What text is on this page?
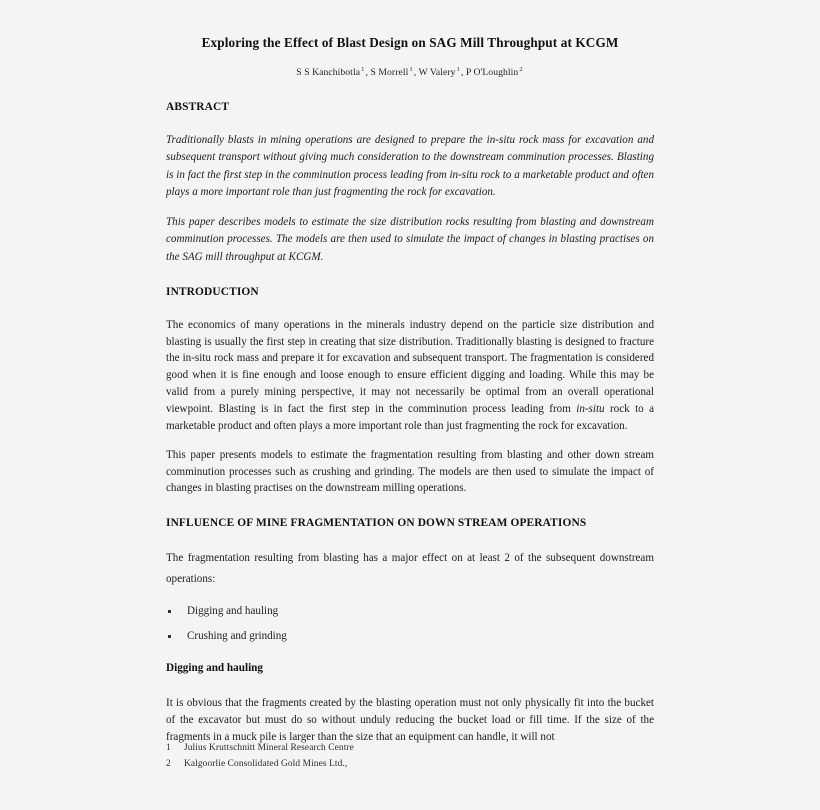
Exploring the Effect of Blast Design on SAG Mill Throughput at KCGM

S S Kanchibotla$^1$, S Morrell$^1$, W Valery$^1$, P O'Loughlin$^2$

ABSTRACT

Traditionally blasts in mining operations are designed to prepare the in-situ rock mass for excavation and subsequent transport without giving much consideration to the downstream comminution processes. Blasting is in fact the first step in the comminution process leading from in-situ rock to a marketable product and often plays a more important role than just fragmenting the rock for excavation.

This paper describes models to estimate the size distribution rocks resulting from blasting and downstream comminution processes. The models are then used to simulate the impact of changes in blasting practises on the SAG mill throughput at KCGM.

INTRODUCTION

The economics of many operations in the minerals industry depend on the particle size distribution and blasting is usually the first step in creating that size distribution. Traditionally blasting is designed to fracture the in-situ rock mass and prepare it for excavation and subsequent transport. The fragmentation is considered good when it is fine enough and loose enough to ensure efficient digging and loading. While this may be valid from a purely mining perspective, it may not necessarily be optimal from an overall operational viewpoint. Blasting is in fact the first step in the comminution process leading from in-situ rock to a marketable product and often plays a more important role than just fragmenting the rock for excavation.

This paper presents models to estimate the fragmentation resulting from blasting and other down stream comminution processes such as crushing and grinding. The models are then used to simulate the impact of changes in blasting practises on the downstream milling operations.

INFLUENCE OF MINE FRAGMENTATION ON DOWN STREAM OPERATIONS

The fragmentation resulting from blasting has a major effect on at least 2 of the subsequent downstream operations:

Digging and hauling
Crushing and grinding
Digging and hauling

It is obvious that the fragments created by the blasting operation must not only physically fit into the bucket of the excavator but must do so without unduly reducing the bucket load or fill time. If the size of the fragments in a muck pile is larger than the size that an equipment can handle, it will not

1	Julius Kruttschnitt Mineral Research Centre
2	Kalgoorlie Consolidated Gold Mines Ltd.,
